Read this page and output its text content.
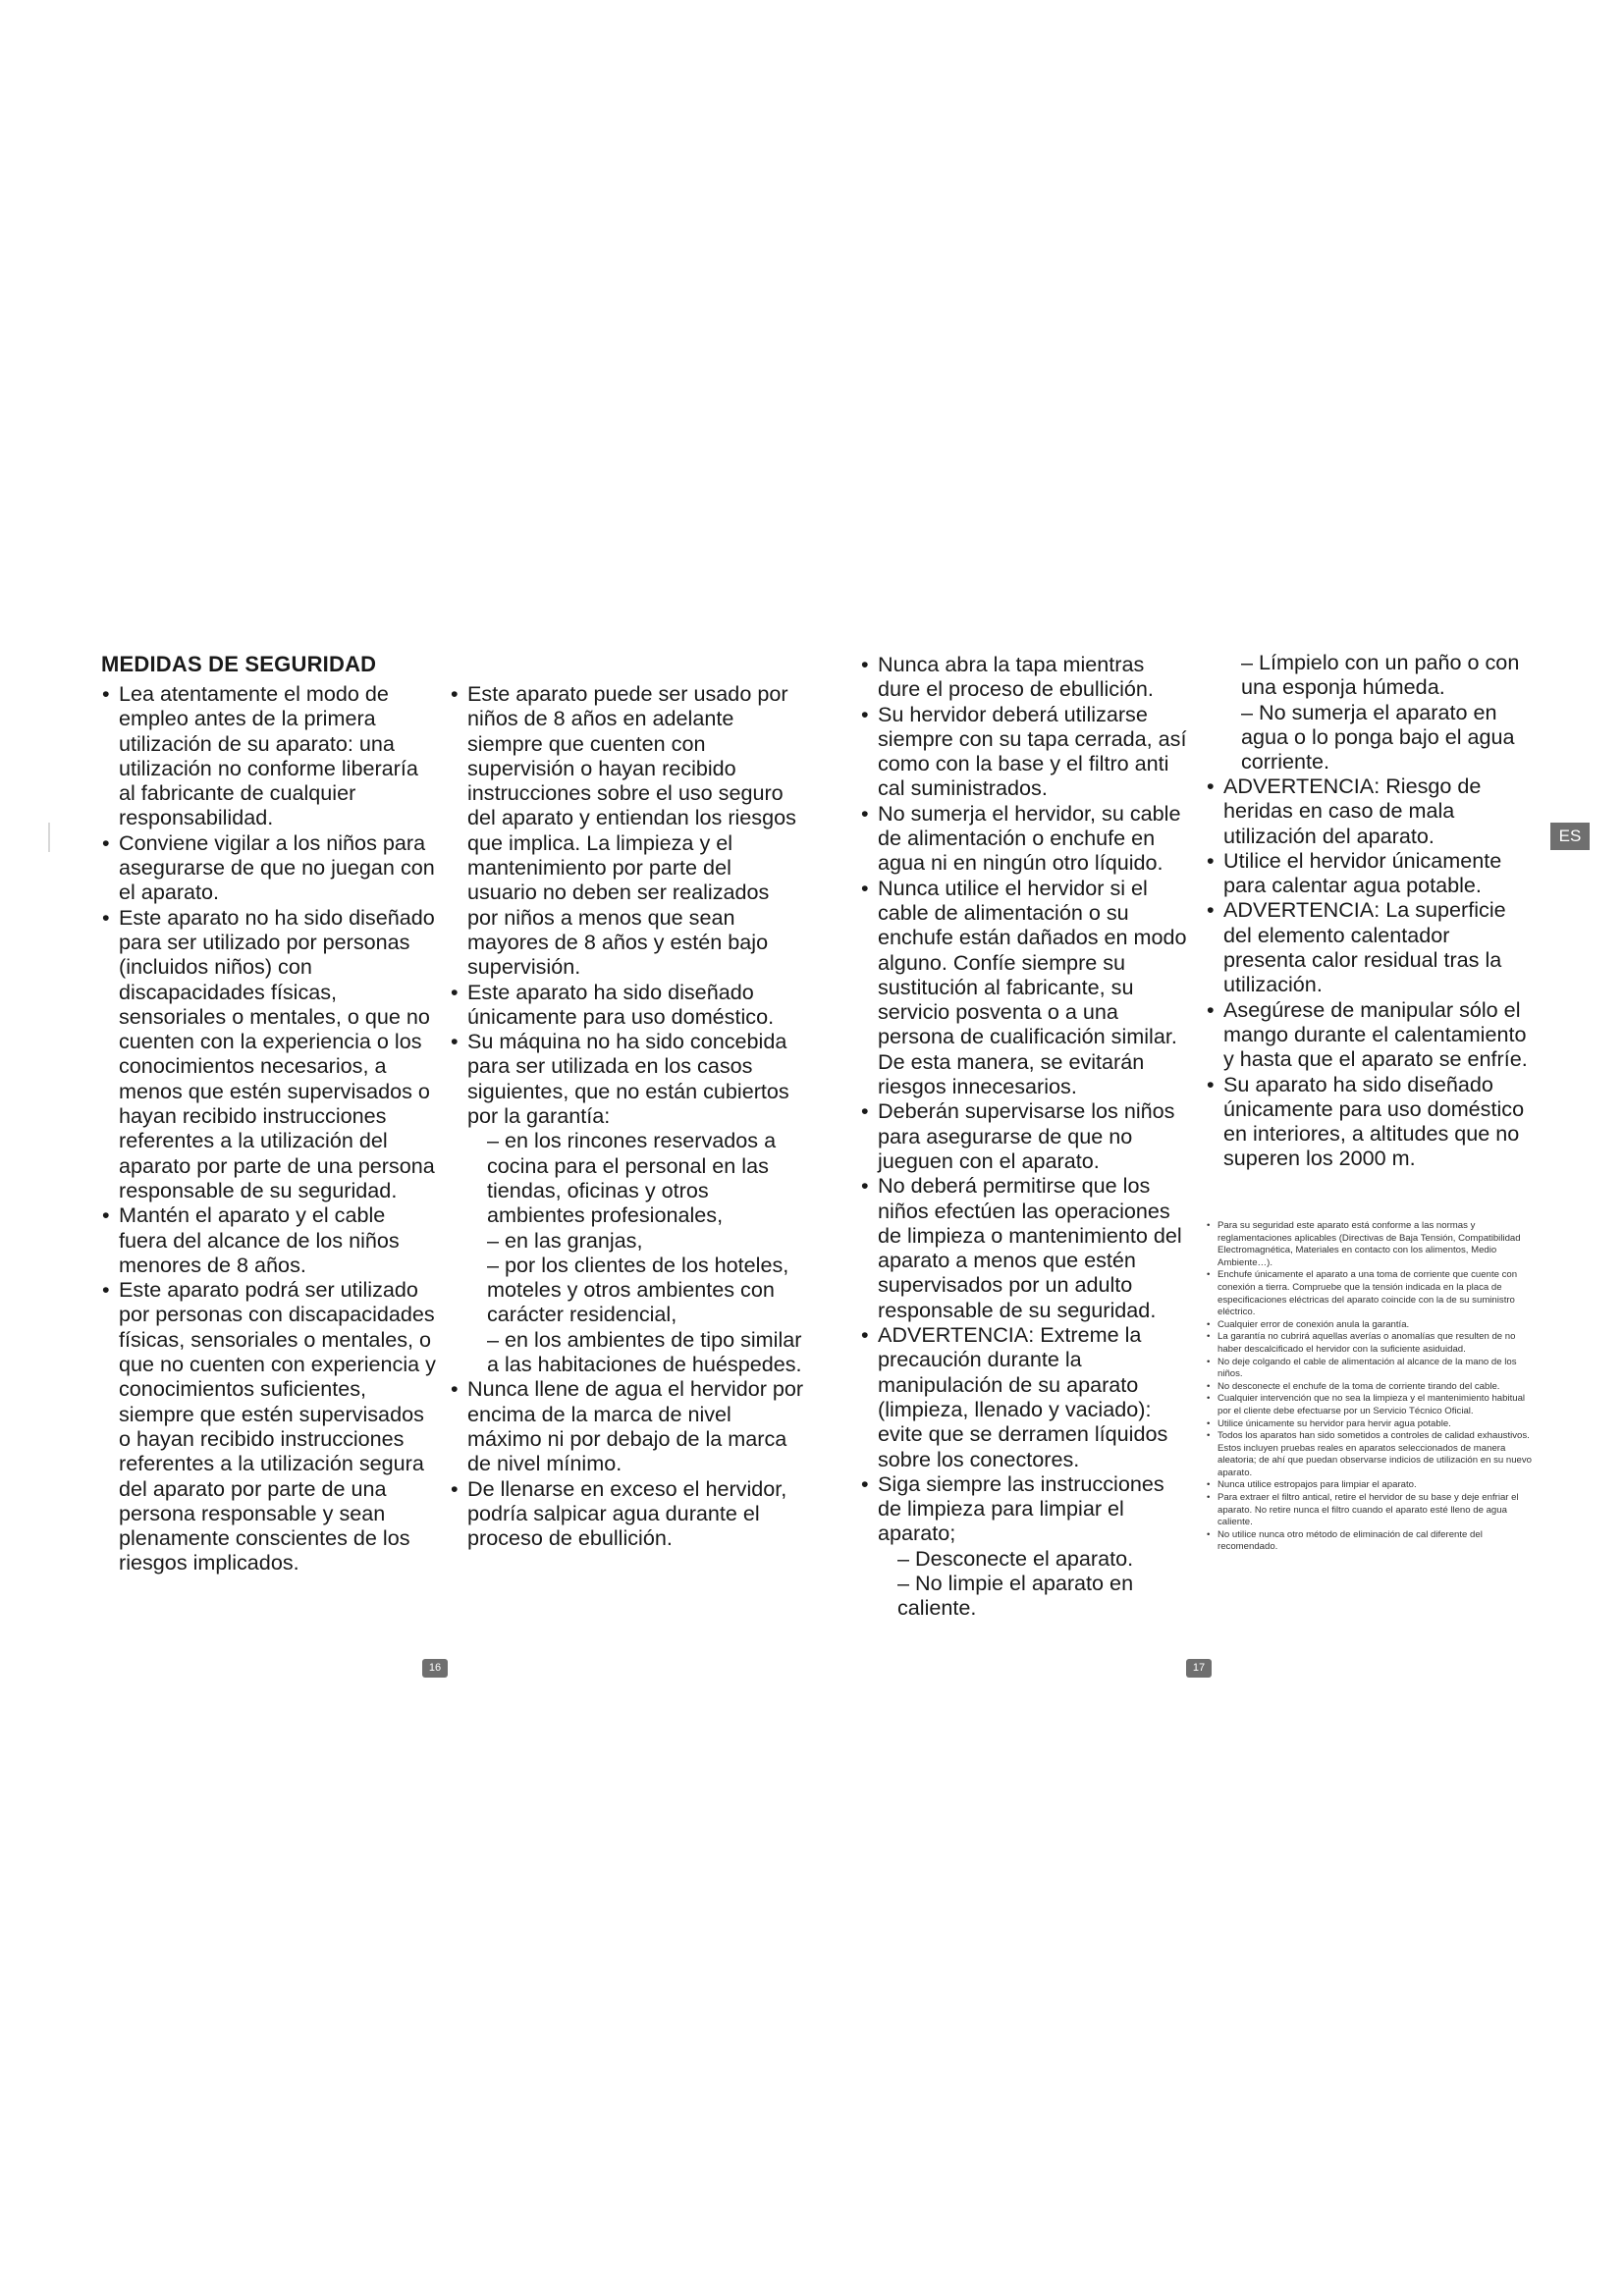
MEDIDAS DE SEGURIDAD
• Lea atentamente el modo de empleo antes de la primera utilización de su aparato: una utilización no conforme liberaría al fabricante de cualquier responsabilidad.
• Conviene vigilar a los niños para asegurarse de que no juegan con el aparato.
• Este aparato no ha sido diseñado para ser utilizado por personas (incluidos niños) con discapacidades físicas, sensoriales o mentales, o que no cuenten con la experiencia o los conocimientos necesarios, a menos que estén supervisados o hayan recibido instrucciones referentes a la utilización del aparato por parte de una persona responsable de su seguridad.
• Mantén el aparato y el cable fuera del alcance de los niños menores de 8 años.
• Este aparato podrá ser utilizado por personas con discapacidades físicas, sensoriales o mentales, o que no cuenten con experiencia y conocimientos suficientes, siempre que estén supervisados o hayan recibido instrucciones referentes a la utilización segura del aparato por parte de una persona responsable y sean plenamente conscientes de los riesgos implicados.
• Este aparato puede ser usado por niños de 8 años en adelante siempre que cuenten con supervisión o hayan recibido instrucciones sobre el uso seguro del aparato y entiendan los riesgos que implica. La limpieza y el mantenimiento por parte del usuario no deben ser realizados por niños a menos que sean mayores de 8 años y estén bajo supervisión.
• Este aparato ha sido diseñado únicamente para uso doméstico.
• Su máquina no ha sido concebida para ser utilizada en los casos siguientes, que no están cubiertos por la garantía:
– en los rincones reservados a cocina para el personal en las tiendas, oficinas y otros ambientes profesionales,
– en las granjas,
– por los clientes de los hoteles, moteles y otros ambientes con carácter residencial,
– en los ambientes de tipo similar a las habitaciones de huéspedes.
• Nunca llene de agua el hervidor por encima de la marca de nivel máximo ni por debajo de la marca de nivel mínimo.
• De llenarse en exceso el hervidor, podría salpicar agua durante el proceso de ebullición.
16
• Nunca abra la tapa mientras dure el proceso de ebullición.
• Su hervidor deberá utilizarse siempre con su tapa cerrada, así como con la base y el filtro anti cal suministrados.
• No sumerja el hervidor, su cable de alimentación o enchufe en agua ni en ningún otro líquido.
• Nunca utilice el hervidor si el cable de alimentación o su enchufe están dañados en modo alguno. Confíe siempre su sustitución al fabricante, su servicio posventa o a una persona de cualificación similar. De esta manera, se evitarán riesgos innecesarios.
• Deberán supervisarse los niños para asegurarse de que no jueguen con el aparato.
• No deberá permitirse que los niños efectúen las operaciones de limpieza o mantenimiento del aparato a menos que estén supervisados por un adulto responsable de su seguridad.
• ADVERTENCIA: Extreme la precaución durante la manipulación de su aparato (limpieza, llenado y vaciado): evite que se derramen líquidos sobre los conectores.
• Siga siempre las instrucciones de limpieza para limpiar el aparato;
– Desconecte el aparato.
– No limpie el aparato en caliente.
17
– Límpielo con un paño o con una esponja húmeda.
– No sumerja el aparato en agua o lo ponga bajo el agua corriente.
• ADVERTENCIA: Riesgo de heridas en caso de mala utilización del aparato.
• Utilice el hervidor únicamente para calentar agua potable.
• ADVERTENCIA: La superficie del elemento calentador presenta calor residual tras la utilización.
• Asegúrese de manipular sólo el mango durante el calentamiento y hasta que el aparato se enfríe.
• Su aparato ha sido diseñado únicamente para uso doméstico en interiores, a altitudes que no superen los 2000 m.
• Para su seguridad este aparato está conforme a las normas y reglamentaciones aplicables (Directivas de Baja Tensión, Compatibilidad Electromagnética, Materiales en contacto con los alimentos, Medio Ambiente…).
• Enchufe únicamente el aparato a una toma de corriente que cuente con conexión a tierra. Compruebe que la tensión indicada en la placa de especificaciones eléctricas del aparato coincide con la de su suministro eléctrico.
• Cualquier error de conexión anula la garantía.
• La garantía no cubrirá aquellas averías o anomalías que resulten de no haber descalcificado el hervidor con la suficiente asiduidad.
• No deje colgando el cable de alimentación al alcance de la mano de los niños.
• No desconecte el enchufe de la toma de corriente tirando del cable.
• Cualquier intervención que no sea la limpieza y el mantenimiento habitual por el cliente debe efectuarse por un Servicio Técnico Oficial.
• Utilice únicamente su hervidor para hervir agua potable.
• Todos los aparatos han sido sometidos a controles de calidad exhaustivos. Estos incluyen pruebas reales en aparatos seleccionados de manera aleatoria; de ahí que puedan observarse indicios de utilización en su nuevo aparato.
• Nunca utilice estropajos para limpiar el aparato.
• Para extraer el filtro antical, retire el hervidor de su base y deje enfriar el aparato. No retire nunca el filtro cuando el aparato esté lleno de agua caliente.
• No utilice nunca otro método de eliminación de cal diferente del recomendado.
ES
